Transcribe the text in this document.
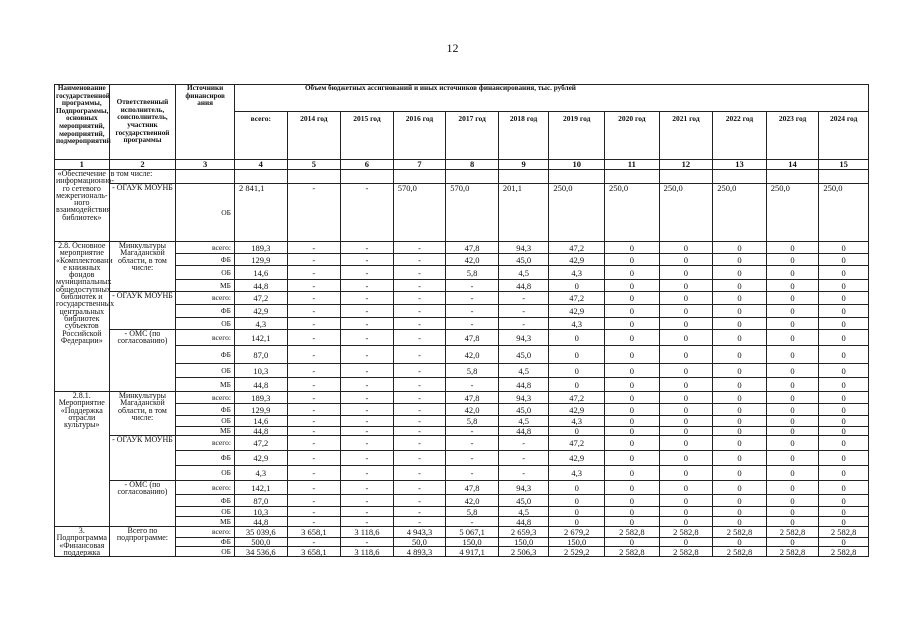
12
Наименование государственной программы, Подпрограммы, основных мероприятий, мероприятий, подмероприятий	Ответственный исполнитель, соисполнитель, участник государственной программы	Источники финансиров ания	Объем бюджетных ассигнований и иных источников финансирования, тыс. рублей											
			всего:	2014 год	2015 год	2016 год	2017 год	2018 год	2019 год	2020 год	2021 год	2022 год	2023 год	2024 год
1	2	3	4	5	6	7	8	9	10	11	12	13	14	15
«Обеспечение информационного сетевого межрегионального взаимодействия библиотек»	в том числе:													
	- ОГАУК МОУНБ	ОБ	2 841,1	-	-	570,0	570,0	201,1	250,0	250,0	250,0	250,0	250,0	250,0
2.8. Основное мероприятие «Комплектовани е книжных фондов муниципальных общедоступных библиотек и государственных центральных библиотек субъектов Российской Федерации»	Минкультуры Магаданской области, в том числе:	всего:	189,3	-	-	-	47,8	94,3	47,2	0	0	0	0	0
		ФБ	129,9	-	-	-	42,0	45,0	42,9	0	0	0	0	0
		ОБ	14,6	-	-	-	5,8	4,5	4,3	0	0	0	0	0
		МБ	44,8	-	-	-	-	44,8	0	0	0	0	0	0
	- ОГАУК МОУНБ	всего:	47,2	-	-	-	-	-	47,2	0	0	0	0	0
		ФБ	42,9	-	-	-	-	-	42,9	0	0	0	0	0
		ОБ	4,3	-	-	-	-	-	4,3	0	0	0	0	0
	- ОМС (по согласованию)	всего:	142,1	-	-	-	47,8	94,3	0	0	0	0	0	0
		ФБ	87,0	-	-	-	42,0	45,0	0	0	0	0	0	0
		ОБ	10,3	-	-	-	5,8	4,5	0	0	0	0	0	0
		МБ	44,8	-	-	-	-	44,8	0	0	0	0	0	0
2.8.1. Мероприятие «Поддержка отрасли культуры»	Минкультуры Магаданской области, в том числе:	всего:	189,3	-	-	-	47,8	94,3	47,2	0	0	0	0	0
		ФБ	129,9	-	-	-	42,0	45,0	42,9	0	0	0	0	0
		ОБ	14,6	-	-	-	5,8	4,5	4,3	0	0	0	0	0
		МБ	44,8	-	-	-	-	44,8	0	0	0	0	0	0
	- ОГАУК МОУНБ	всего:	47,2	-	-	-	-	-	47,2	0	0	0	0	0
		ФБ	42,9	-	-	-	-	-	42,9	0	0	0	0	0
		ОБ	4,3	-	-	-	-	-	4,3	0	0	0	0	0
	- ОМС (по согласованию)	всего:	142,1	-	-	-	47,8	94,3	0	0	0	0	0	0
		ФБ	87,0	-	-	-	42,0	45,0	0	0	0	0	0	0
		ОБ	10,3	-	-	-	5,8	4,5	0	0	0	0	0	0
		МБ	44,8	-	-	-	-	44,8	0	0	0	0	0	0
3. Подпрограмма «Финансовая поддержка	Всего по подпрограмме:	всего:	35 039,6	3 658,1	3 118,6	4 943,3	5 067,1	2 659,3	2 679,2	2 582,8	2 582,8	2 582,8	2 582,8	2 582,8
		ФБ	500,0	-	-	50,0	150,0	150,0	150,0	0	0	0	0	0
		ОБ	34 536,6	3 658,1	3 118,6	4 893,3	4 917,1	2 506,3	2 529,2	2 582,8	2 582,8	2 582,8	2 582,8	2 582,8
